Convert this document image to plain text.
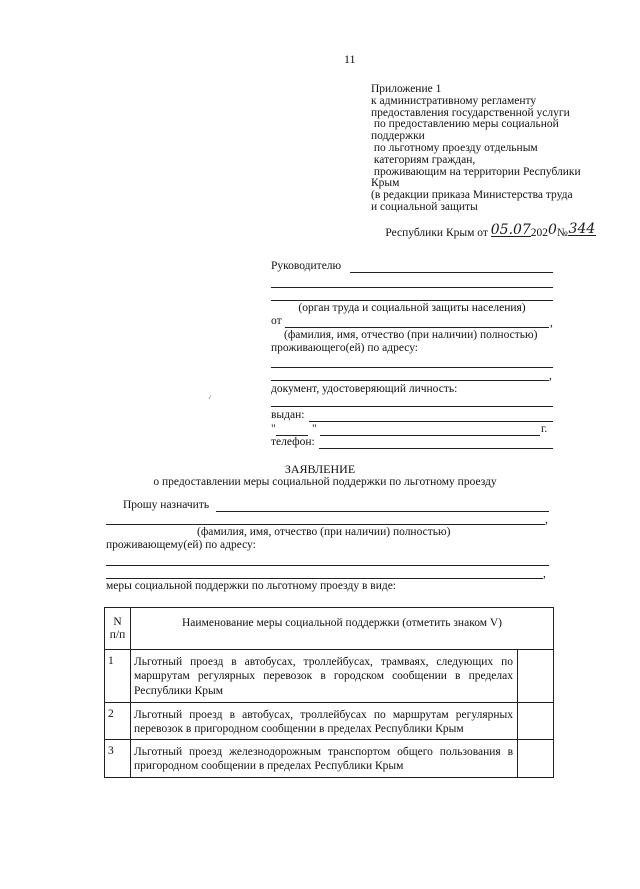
11
Приложение 1
к административному регламенту
предоставления государственной услуги
по предоставлению меры социальной
поддержки
по льготному проезду отдельным
категориям граждан,
проживающим на территории Республики
Крым
(в редакции приказа Министерства труда
и социальной защиты

Республики Крым от 05.072020№344

Руководителю
(орган труда и социальной защиты населения)
от	,
(фамилия, имя, отчество (при наличии) полностью)
проживающего(ей) по адресу:
,
документ, удостоверяющий личность:
выдан:
"	"	г.
телефон:
·̇
ЗАЯВЛЕНИЕ
о предоставлении меры социальной поддержки по льготному проезду
Прошу назначить
,
(фамилия, имя, отчество (при наличии) полностью)
проживающему(ей) по адресу:
,
меры социальной поддержки по льготному проезду в виде:
N
п/п	Наименование меры социальной поддержки (отметить знаком V)	
1	Льготный проезд в автобусах, троллейбусах, трамваях, следующих по маршрутам регулярных перевозок в городском сообщении в пределах Республики Крым	
2	Льготный проезд в автобусах, троллейбусах по маршрутам регулярных перевозок в пригородном сообщении в пределах Республики Крым	
3	Льготный проезд железнодорожным транспортом общего пользования в пригородном сообщении в пределах Республики Крым	
